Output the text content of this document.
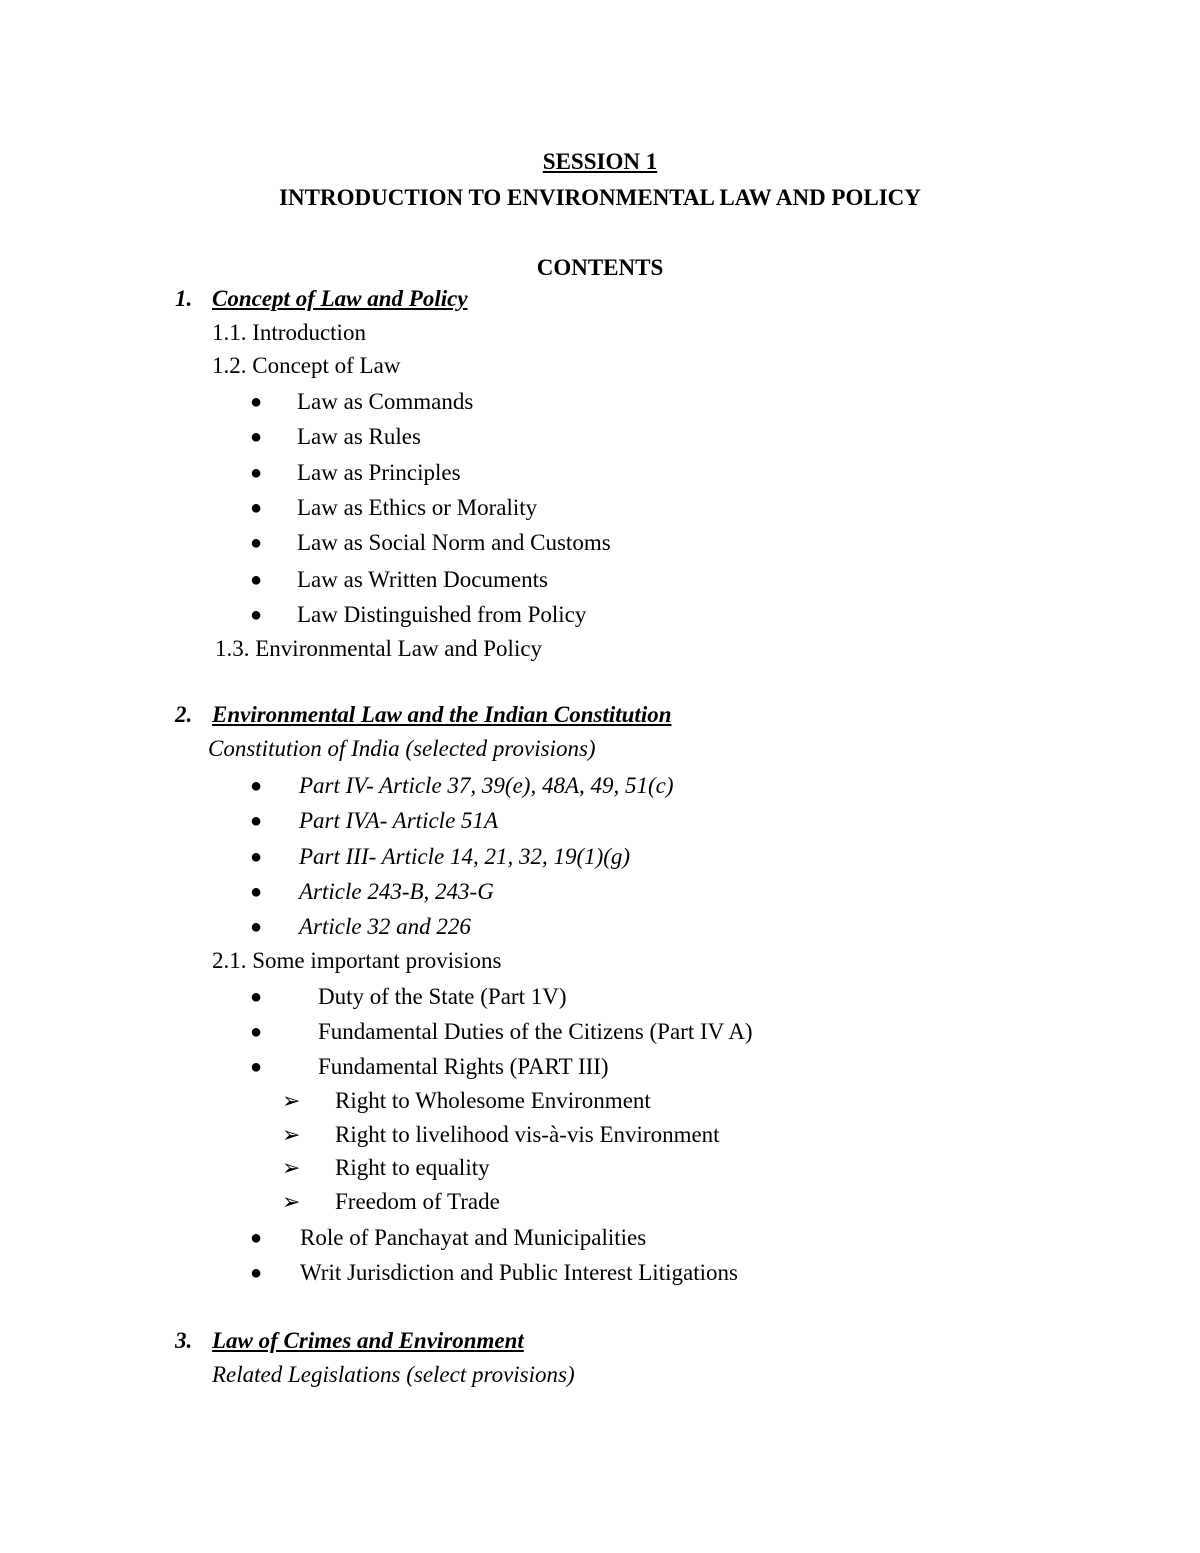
SESSION 1
INTRODUCTION TO ENVIRONMENTAL LAW AND POLICY
CONTENTS
1. Concept of Law and Policy
1.1. Introduction
1.2. Concept of Law
● Law as Commands
● Law as Rules
● Law as Principles
● Law as Ethics or Morality
● Law as Social Norm and Customs
● Law as Written Documents
● Law Distinguished from Policy
1.3. Environmental Law and Policy
2. Environmental Law and the Indian Constitution
Constitution of India (selected provisions)
● Part IV- Article 37, 39(e), 48A, 49, 51(c)
● Part IVA- Article 51A
● Part III- Article 14, 21, 32, 19(1)(g)
● Article 243-B, 243-G
● Article 32 and 226
2.1. Some important provisions
● Duty of the State (Part 1V)
● Fundamental Duties of the Citizens (Part IV A)
● Fundamental Rights (PART III)
➢ Right to Wholesome Environment
➢ Right to livelihood vis-à-vis Environment
➢ Right to equality
➢ Freedom of Trade
● Role of Panchayat and Municipalities
● Writ Jurisdiction and Public Interest Litigations
3. Law of Crimes and Environment
Related Legislations (select provisions)
